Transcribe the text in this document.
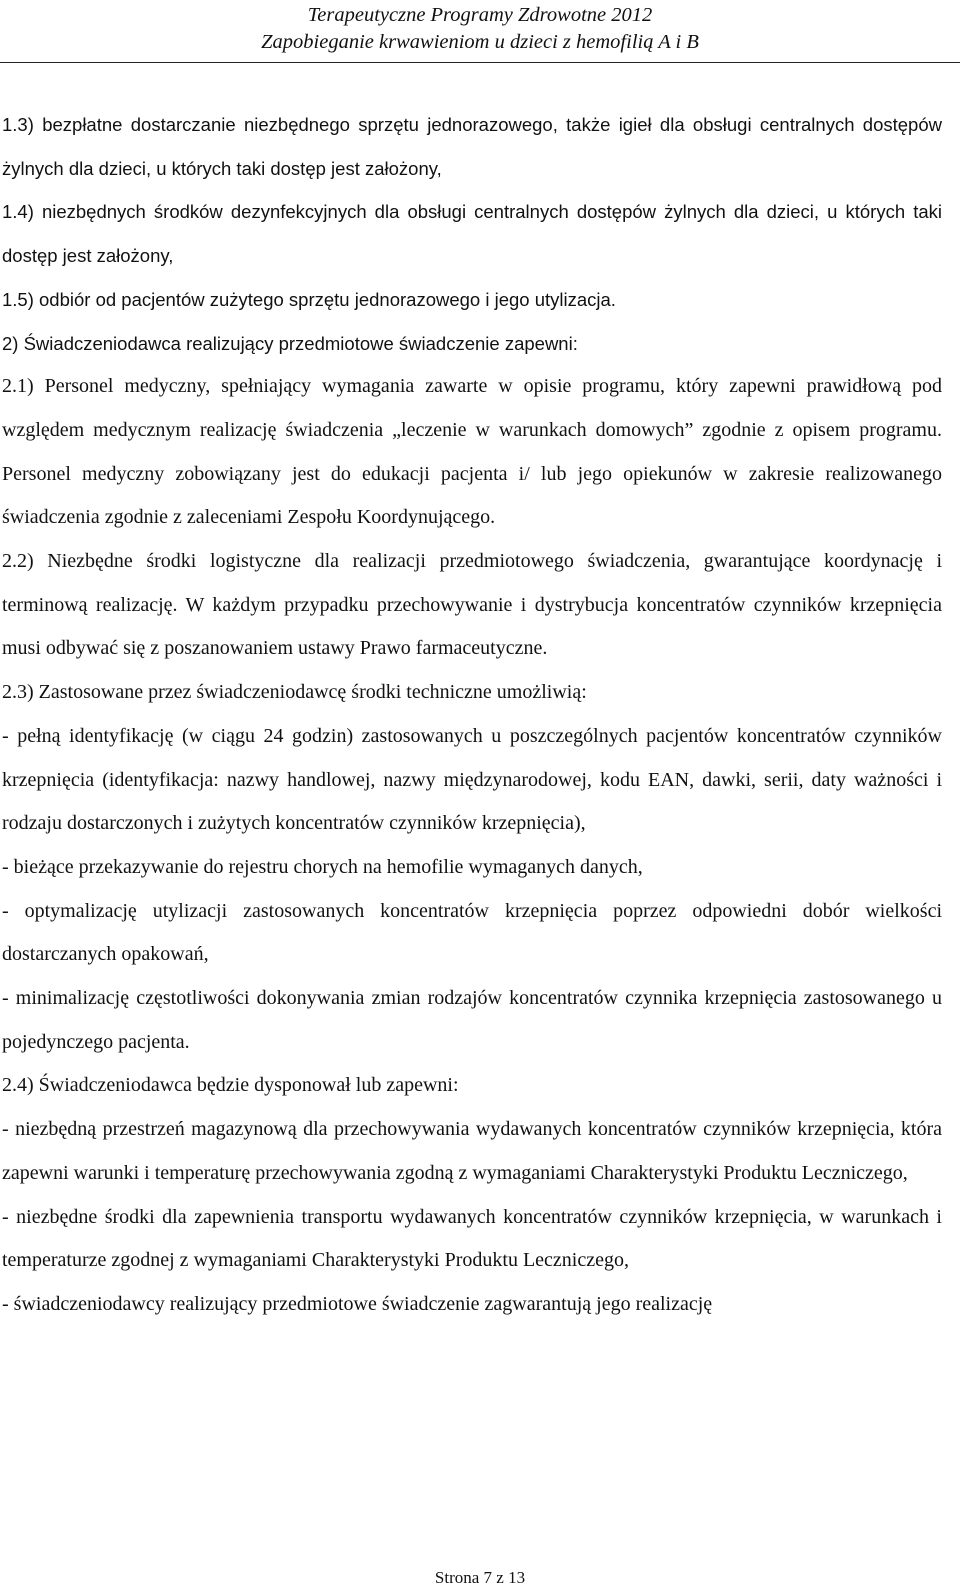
Terapeutyczne Programy Zdrowotne 2012
Zapobieganie krwawieniom u dzieci z hemofilią A i B

1.3) bezpłatne dostarczanie niezbędnego sprzętu jednorazowego, także igieł dla obsługi centralnych dostępów żylnych dla dzieci, u których taki dostęp jest założony,

1.4) niezbędnych środków dezynfekcyjnych dla obsługi centralnych dostępów żylnych dla dzieci, u których taki dostęp jest założony,

1.5) odbiór od pacjentów zużytego sprzętu jednorazowego i jego utylizacja.

2) Świadczeniodawca realizujący przedmiotowe świadczenie zapewni:

2.1) Personel medyczny, spełniający wymagania zawarte w opisie programu, który zapewni prawidłową pod względem medycznym realizację świadczenia „leczenie w warunkach domowych” zgodnie z opisem programu. Personel medyczny zobowiązany jest do edukacji pacjenta i/ lub jego opiekunów w zakresie realizowanego świadczenia zgodnie z zaleceniami Zespołu Koordynującego.

2.2) Niezbędne środki logistyczne dla realizacji przedmiotowego świadczenia, gwarantujące koordynację i terminową realizację. W każdym przypadku przechowywanie i dystrybucja koncentratów czynników krzepnięcia musi odbywać się z poszanowaniem ustawy Prawo farmaceutyczne.

2.3) Zastosowane przez świadczeniodawcę środki techniczne umożliwią:

- pełną identyfikację (w ciągu 24 godzin) zastosowanych u poszczególnych pacjentów koncentratów czynników krzepnięcia (identyfikacja: nazwy handlowej, nazwy międzynarodowej, kodu EAN, dawki, serii, daty ważności i rodzaju dostarczonych i zużytych koncentratów czynników krzepnięcia),

- bieżące przekazywanie do rejestru chorych na hemofilie wymaganych danych,

- optymalizację utylizacji zastosowanych koncentratów krzepnięcia poprzez odpowiedni dobór wielkości dostarczanych opakowań,

- minimalizację częstotliwości dokonywania zmian rodzajów koncentratów czynnika krzepnięcia zastosowanego u pojedynczego pacjenta.

2.4) Świadczeniodawca będzie dysponował lub zapewni:

- niezbędną przestrzeń magazynową dla przechowywania wydawanych koncentratów czynników krzepnięcia, która zapewni warunki i temperaturę przechowywania zgodną z wymaganiami Charakterystyki Produktu Leczniczego,

- niezbędne środki dla zapewnienia transportu wydawanych koncentratów czynników krzepnięcia, w warunkach i temperaturze zgodnej z wymaganiami Charakterystyki Produktu Leczniczego,

- świadczeniodawcy realizujący przedmiotowe świadczenie zagwarantują jego realizację

Strona 7 z 13
